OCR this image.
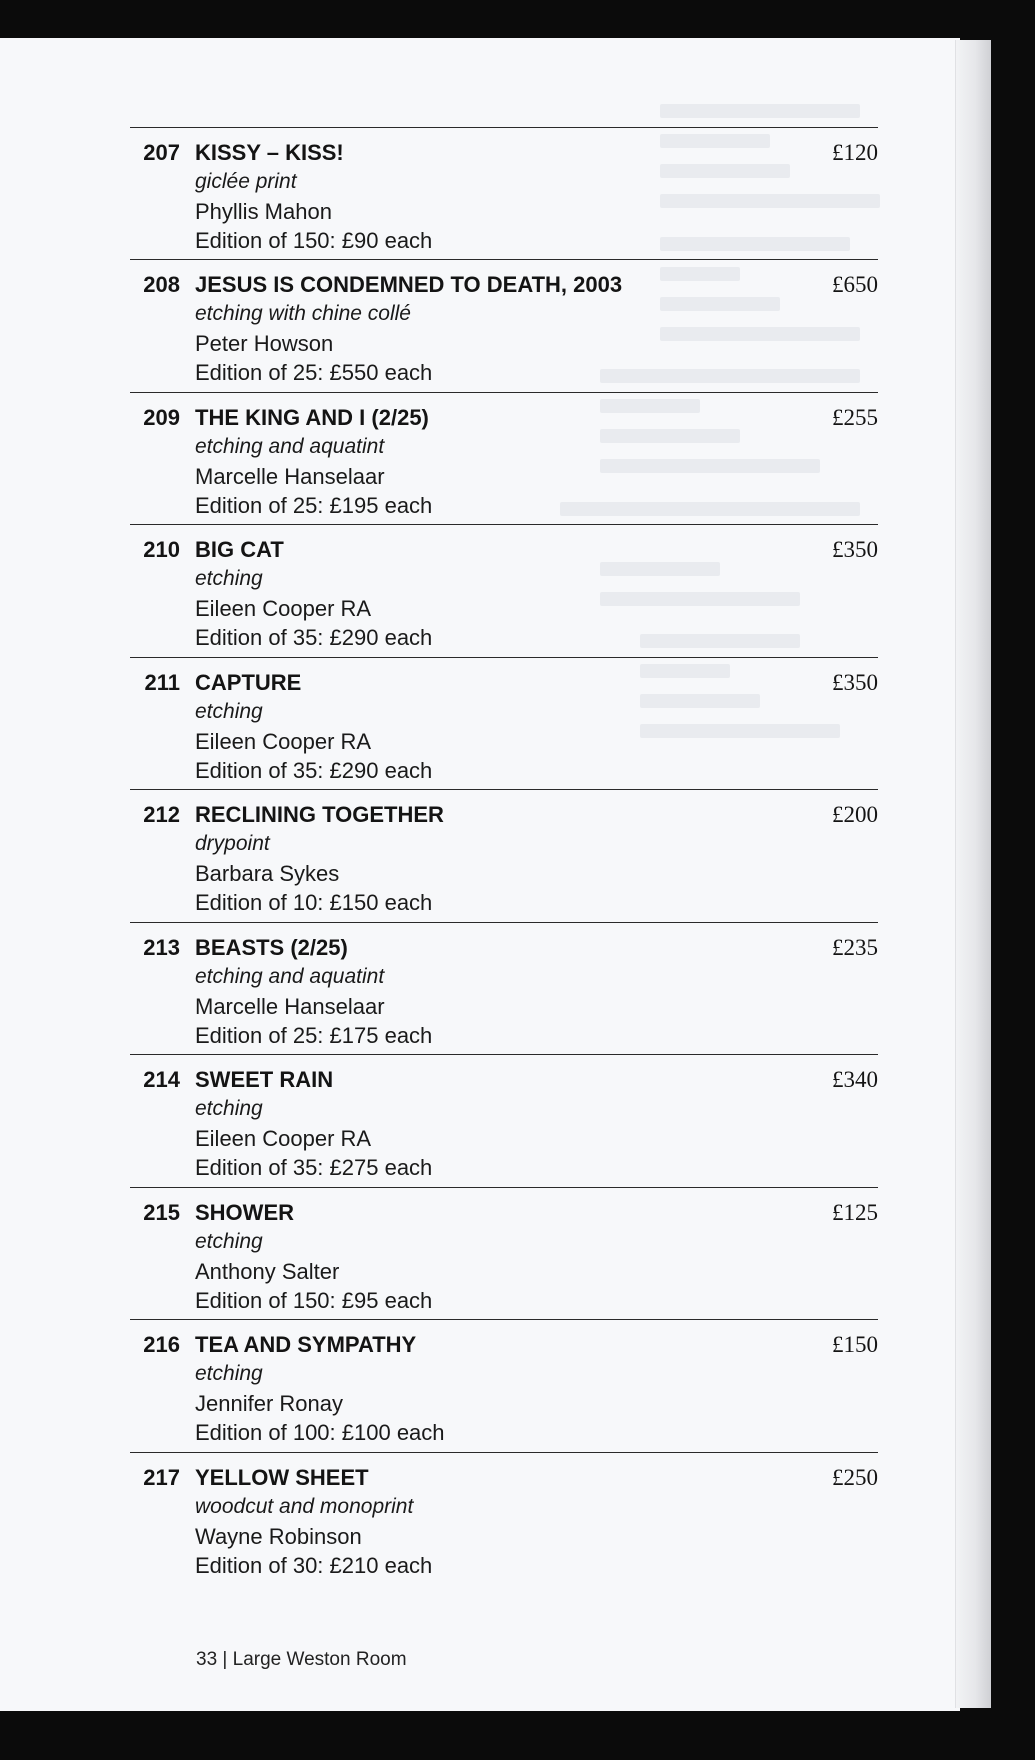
207 KISSY – KISS!	£120
giclée print
Phyllis Mahon
Edition of 150: £90 each
208 JESUS IS CONDEMNED TO DEATH, 2003	£650
etching with chine collé
Peter Howson
Edition of 25: £550 each
209 THE KING AND I (2/25)	£255
etching and aquatint
Marcelle Hanselaar
Edition of 25: £195 each
210 BIG CAT	£350
etching
Eileen Cooper RA
Edition of 35: £290 each
211 CAPTURE	£350
etching
Eileen Cooper RA
Edition of 35: £290 each
212 RECLINING TOGETHER	£200
drypoint
Barbara Sykes
Edition of 10: £150 each
213 BEASTS (2/25)	£235
etching and aquatint
Marcelle Hanselaar
Edition of 25: £175 each
214 SWEET RAIN	£340
etching
Eileen Cooper RA
Edition of 35: £275 each
215 SHOWER	£125
etching
Anthony Salter
Edition of 150: £95 each
216 TEA AND SYMPATHY	£150
etching
Jennifer Ronay
Edition of 100: £100 each
217 YELLOW SHEET	£250
woodcut and monoprint
Wayne Robinson
Edition of 30: £210 each
33 | Large Weston Room
